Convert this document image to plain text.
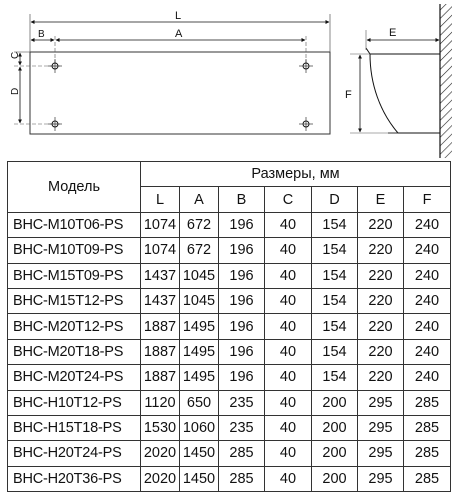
L
B	A
C
D
E
F
Модель	Размеры, мм						
	L	A	B	C	D	E	F
BHC-M10T06-PS	1074	672	196	40	154	220	240
BHC-M10T09-PS	1074	672	196	40	154	220	240
BHC-M15T09-PS	1437	1045	196	40	154	220	240
BHC-M15T12-PS	1437	1045	196	40	154	220	240
BHC-M20T12-PS	1887	1495	196	40	154	220	240
BHC-M20T18-PS	1887	1495	196	40	154	220	240
BHC-M20T24-PS	1887	1495	196	40	154	220	240
BHC-H10T12-PS	1120	650	235	40	200	295	285
BHC-H15T18-PS	1530	1060	235	40	200	295	285
BHC-H20T24-PS	2020	1450	285	40	200	295	285
BHC-H20T36-PS	2020	1450	285	40	200	295	285
